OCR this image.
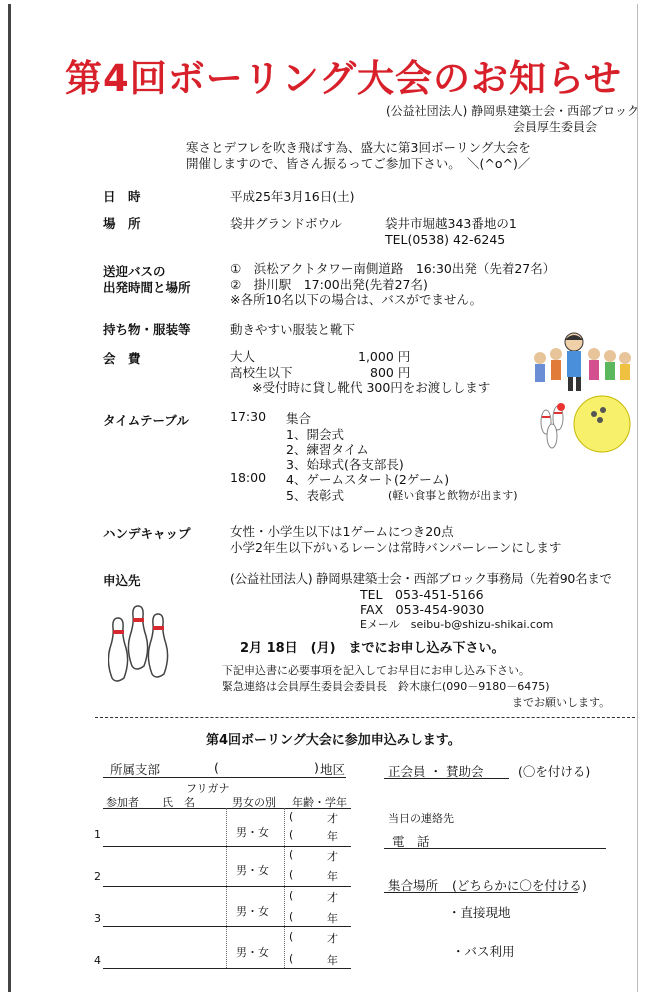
第4回ボーリング大会のお知らせ
(公益社団法人) 静岡県建築士会・西部ブロック
会員厚生委員会
寒さとデフレを吹き飛ばす為、盛大に第3回ボーリング大会を
開催しますので、皆さん振るってご参加下さい。　＼(^o^)／
日　時	平成25年3月16日(土)
場　所	袋井グランドボウル	袋井市堀越343番地の1
TEL(0538) 42-6245
送迎バスの
出発時間と場所
①　浜松アクトタワー南側道路　16:30出発（先着27名）
②　掛川駅　17:00出発(先着27名)
※各所10名以下の場合は、バスがでません。
持ち物・服装等	動きやすい服装と靴下
会　費	大人	1,000 円
高校生以下	800 円
※受付時に貸し靴代 300円をお渡しします
タイムテーブル	17:30 集合
1、開会式
2、練習タイム
3、始球式(各支部長)
18:00 4、ゲームスタート(2ゲーム)
5、表彰式	(軽い食事と飲物が出ます)
ハンデキャップ	女性・小学生以下は1ゲームにつき20点
小学2年生以下がいるレーンは常時バンパーレーンにします
申込先	(公益社団法人) 静岡県建築士会・西部ブロック事務局（先着90名まで
TEL　053-451-5166
FAX　053-454-9030
Eメール　seibu-b@shizu-shikai.com
2月 18日　(月)　までにお申し込み下さい。
下記申込書に必要事項を記入してお早目にお申し込み下さい。
緊急連絡は会員厚生委員会委員長　鈴木康仁(090－9180－6475)
までお願いします。
第4回ボーリング大会に参加申込みします。
所属支部	(	) 地区	正会員 ・ 賛助会	(〇を付ける)
フリガナ
参加者 氏　名	男女の別 年齢・学年
1	男・女
(	才
(	年
2	男・女
(	才
(	年
3
男・女
(	才
(	年
4
男・女
(	才
(	年
当日の連絡先
電　話
集合場所 (どちらかに〇を付ける)
・直接現地
・バス利用
